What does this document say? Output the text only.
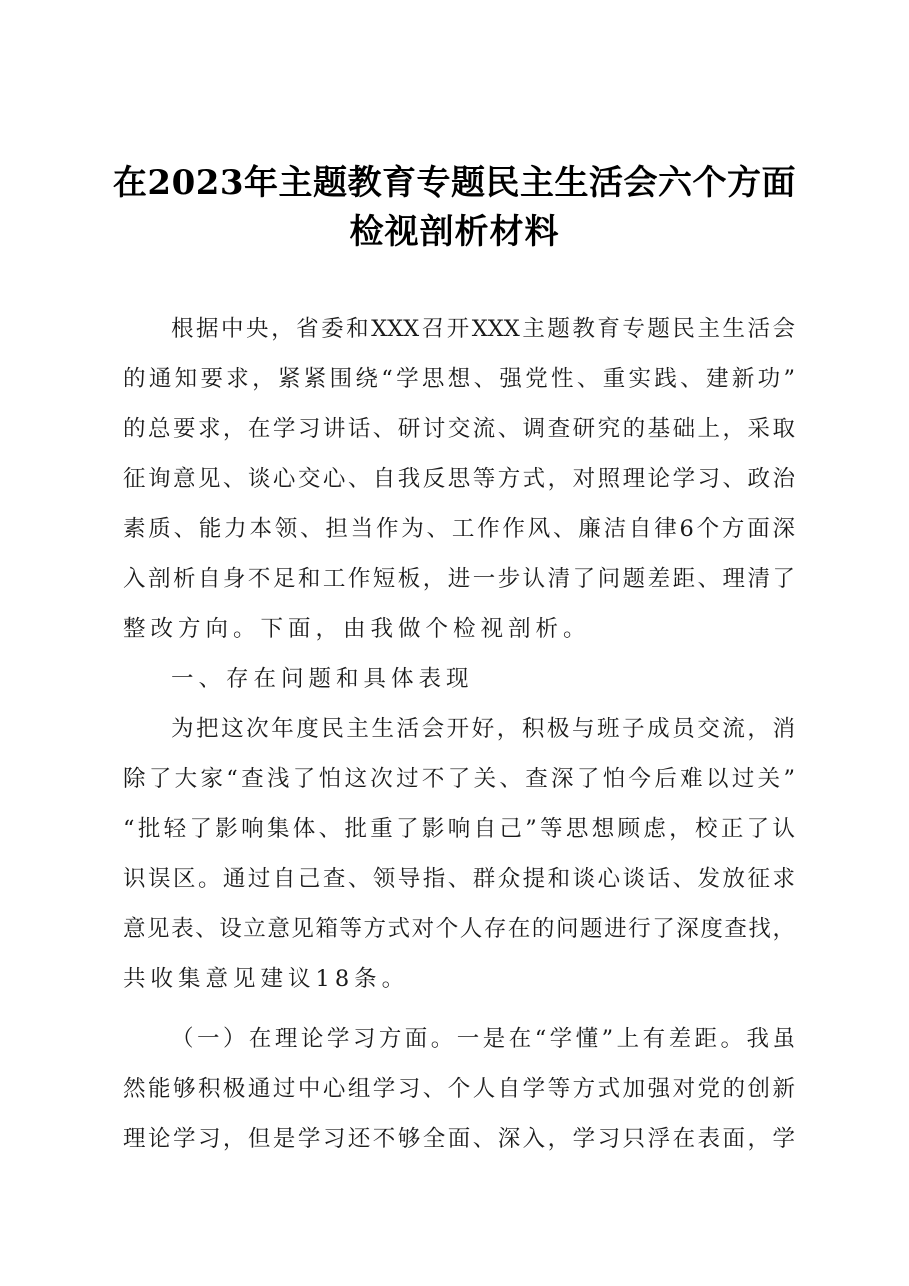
在2023年主题教育专题民主生活会六个方面
检视剖析材料
根据中央，省委和XXX召开XXX主题教育专题民主生活会
的通知要求，紧紧围绕“学思想、强党性、重实践、建新功”
的总要求，在学习讲话、研讨交流、调查研究的基础上，采取
征询意见、谈心交心、自我反思等方式，对照理论学习、政治
素质、能力本领、担当作为、工作作风、廉洁自律6个方面深
入剖析自身不足和工作短板，进一步认清了问题差距、理清了
整改方向。下面，由我做个检视剖析。
一、存在问题和具体表现
为把这次年度民主生活会开好，积极与班子成员交流，消
除了大家“查浅了怕这次过不了关、查深了怕今后难以过关”
“批轻了影响集体、批重了影响自己”等思想顾虑，校正了认
识误区。通过自己查、领导指、群众提和谈心谈话、发放征求
意见表、设立意见箱等方式对个人存在的问题进行了深度查找，
共收集意见建议18条。
（一）在理论学习方面。一是在“学懂”上有差距。我虽
然能够积极通过中心组学习、个人自学等方式加强对党的创新
理论学习，但是学习还不够全面、深入，学习只浮在表面，学
